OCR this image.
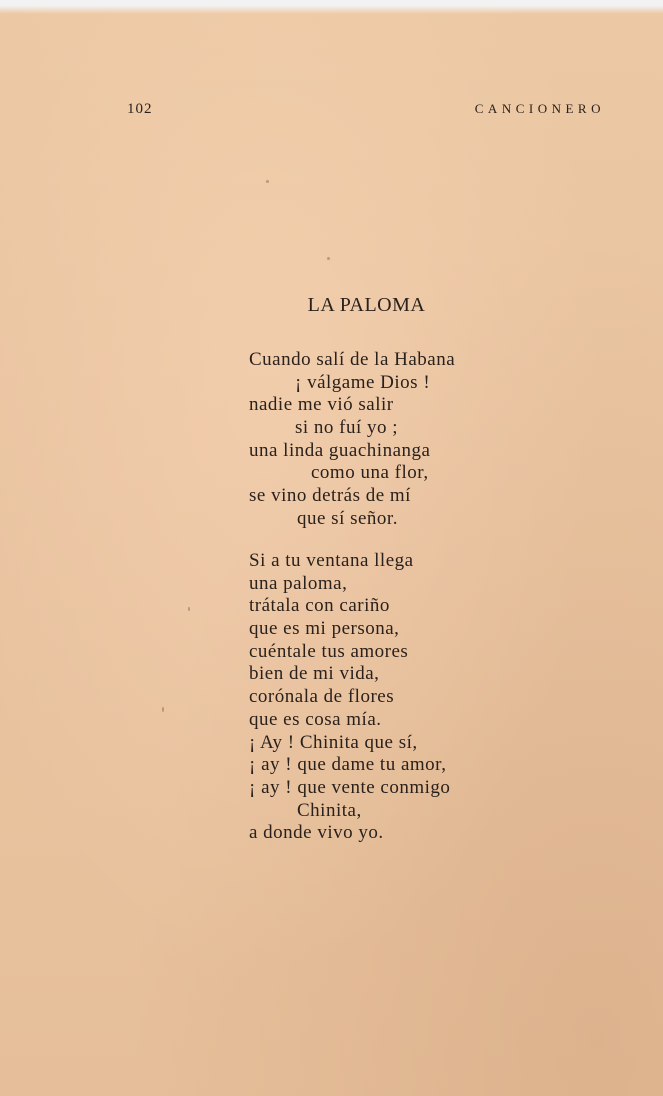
102	CANCIONERO
LA PALOMA
Cuando salí de la Habana
¡ válgame Dios !
nadie me vió salir
si no fuí yo ;
una linda guachinanga
como una flor,
se vino detrás de mí
que sí señor.
Si a tu ventana llega
una paloma,
trátala con cariño
que es mi persona,
cuéntale tus amores
bien de mi vida,
corónala de flores
que es cosa mía.
¡ Ay ! Chinita que sí,
¡ ay ! que dame tu amor,
¡ ay ! que vente conmigo
Chinita,
a donde vivo yo.
